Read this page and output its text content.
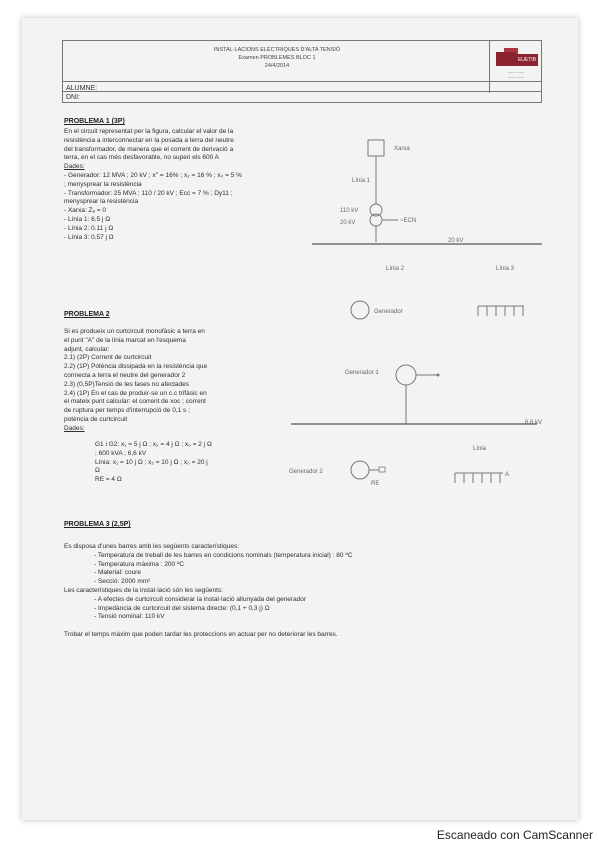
INSTAL·LACIONS ELÈCTRIQUES D'ALTA TENSIÓ
Examen PROBLEMES BLOC 1
24/4/2014
EUETIB
—— ——
————
ALUMNE:
DNI:
PROBLEMA 1 (3P)

En el circuit representat per la figura, calcular el valor de la

resistència a interconnectar en la posada a terra del neutre

del transformador, de manera que el corrent de derivació a

terra, en el cas més desfavorable, no superi els 600 A

Dades:

- Generador: 12 MVA ; 20 kV ; x'' = 16% ; x₂ = 16 % ; x₀ = 5 %

; menysprear la resistència

- Transformador: 25 MVA ; 110 / 20 kV ; Ecc = 7 % ; Dy11 ;

menysprear la resistència

- Xarxa: Zₐ = 0

- Línia 1: 6.5 j Ω

- Línia 2: 0.11 j Ω

- Línia 3: 0.57 j Ω

Xarxa
Línia 1
110 kV
20 kV	~ECN
20 kV
Línia 2	Línia 3
Generador
PROBLEMA 2

Si es produeix un curtcircuit monofàsic a terra en

el punt "A" de la línia marcat en l'esquema

adjunt, calcular:

2.1) (2P) Corrent de curtcircuit

2.2) (1P) Potència dissipada en la resistència que

connecta a terra el neutre del generador 2

2.3) (0,5P)Tensió de les fases no afectades

2.4) (1P) En el cas de produir-se un c.c trifàsic en

el mateix punt calcular: el corrent de xoc ; corrent

de ruptura per temps d'interrupció de 0,1 s ;

potència de curtcircuit

Dades:

G1 i G2: x₁ = 5 j Ω ; x₂ = 4 j Ω ; x₀ = 2 j Ω

; 600 kVA ; 6,6 kV

Línia: x₁ = 10 j Ω ; x₂ = 10 j Ω ; x₀ = 20 j

Ω

RE = 4 Ω

Generador 1
6,6 kV
Línia
Generador 2
RE
A
PROBLEMA 3 (2,5P)

Es disposa d'unes barres amb les següents característiques:

- Temperatura de treball de les barres en condicions nominals (temperatura inicial) : 80 ºC

- Temperatura màxima : 200 ºC

- Material: coure

- Secció: 2000 mm²

Les característiques de la instal·lació són les següents:

- A efectes de curtcircuit considerar la instal·lació allunyada del generador

- Impedància de curtcircuit del sistema directe: (0,1 + 0,3 j) Ω

- Tensió nominal: 110 kV

Trobar el temps màxim que poden tardar les proteccions en actuar per no deteriorar les barres.

Escaneado con CamScanner
